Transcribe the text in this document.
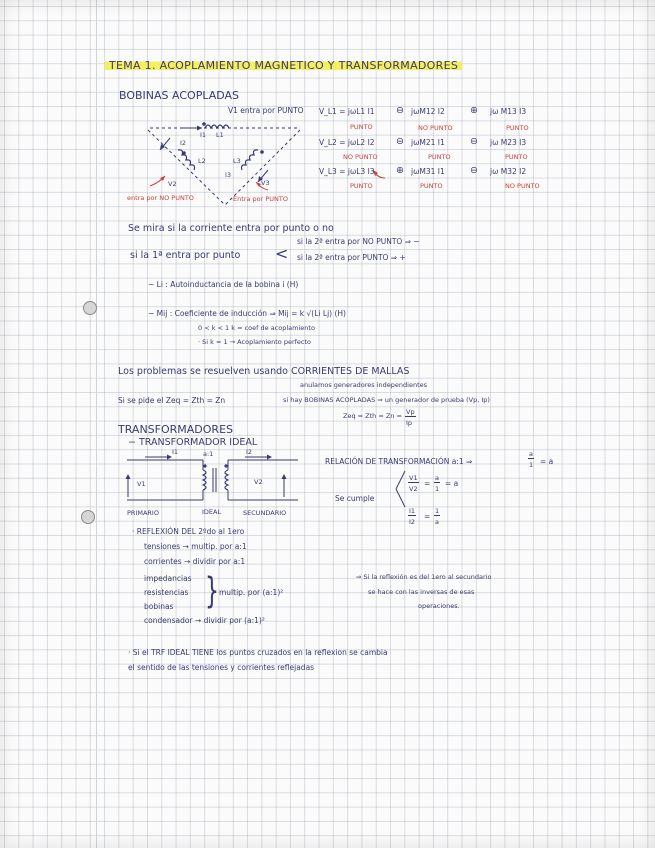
TEMA 1. ACOPLAMIENTO MAGNETICO Y TRANSFORMADORES
BOBINAS ACOPLADAS
V1 entra por PUNTO
I1 L1
I2
L2	L3
I3
V2	V3
entra por NO PUNTO	Entra por PUNTO
V_L1 = jωL1 I1 ⊖ jωM12 I2	⊕ jω M13 I3
PUNTO	NO PUNTO	PUNTO
V_L2 = jωL2 I2 ⊖ jωM21 I1	⊖ jω M23 I3
NO PUNTO	PUNTO	PUNTO
V_L3 = jωL3 I3 ⊕ jωM31 I1	⊖ jω M32 I2
PUNTO	PUNTO	NO PUNTO
Se mira si la corriente entra por punto o no
si la 2ª entra por NO PUNTO ⇒ −
si la 1ª entra por punto < si la 2ª entra por PUNTO ⇒ +
− Li : Autoinductancia de la bobina i (H)
− Mij : Coeficiente de inducción ⇒ Mij = k √(Li Lj) (H)
0 < k < 1 k = coef de acoplamiento
· Si k = 1 → Acoplamiento perfecto
Los problemas se resuelven usando CORRIENTES DE MALLAS
anulamos generadores independientes
Si se pide el Zeq = Zth = Zn	si hay BOBINAS ACOPLADAS ⇒ un generador de prueba (Vp, Ip)
Zeq = Zth = Zn = Vp
Ip
TRANSFORMADORES
− TRANSFORMADOR IDEAL
I1	a:1	I2
V1	V2
PRIMARIO	IDEAL	SECUNDARIO
RELACIÓN DE TRANSFORMACIÓN a:1 ⇒
a
1 = a
Se cumple
V1
V2
=
a
1
= a
I1
I2
=
1
a
· REFLEXIÓN DEL 2ºdo al 1ero
tensiones → multip. por a:1
corrientes → dividir por a:1
impedancias
resistencias
bobinas } multip. por (a:1)²
condensador → dividir por (a:1)²
⇒ Si la reflexión es del 1ero al secundario
se hace con las inversas de esas
operaciones.
· Si el TRF IDEAL TIENE los puntos cruzados en la reflexion se cambia
el sentido de las tensiones y corrientes reflejadas
